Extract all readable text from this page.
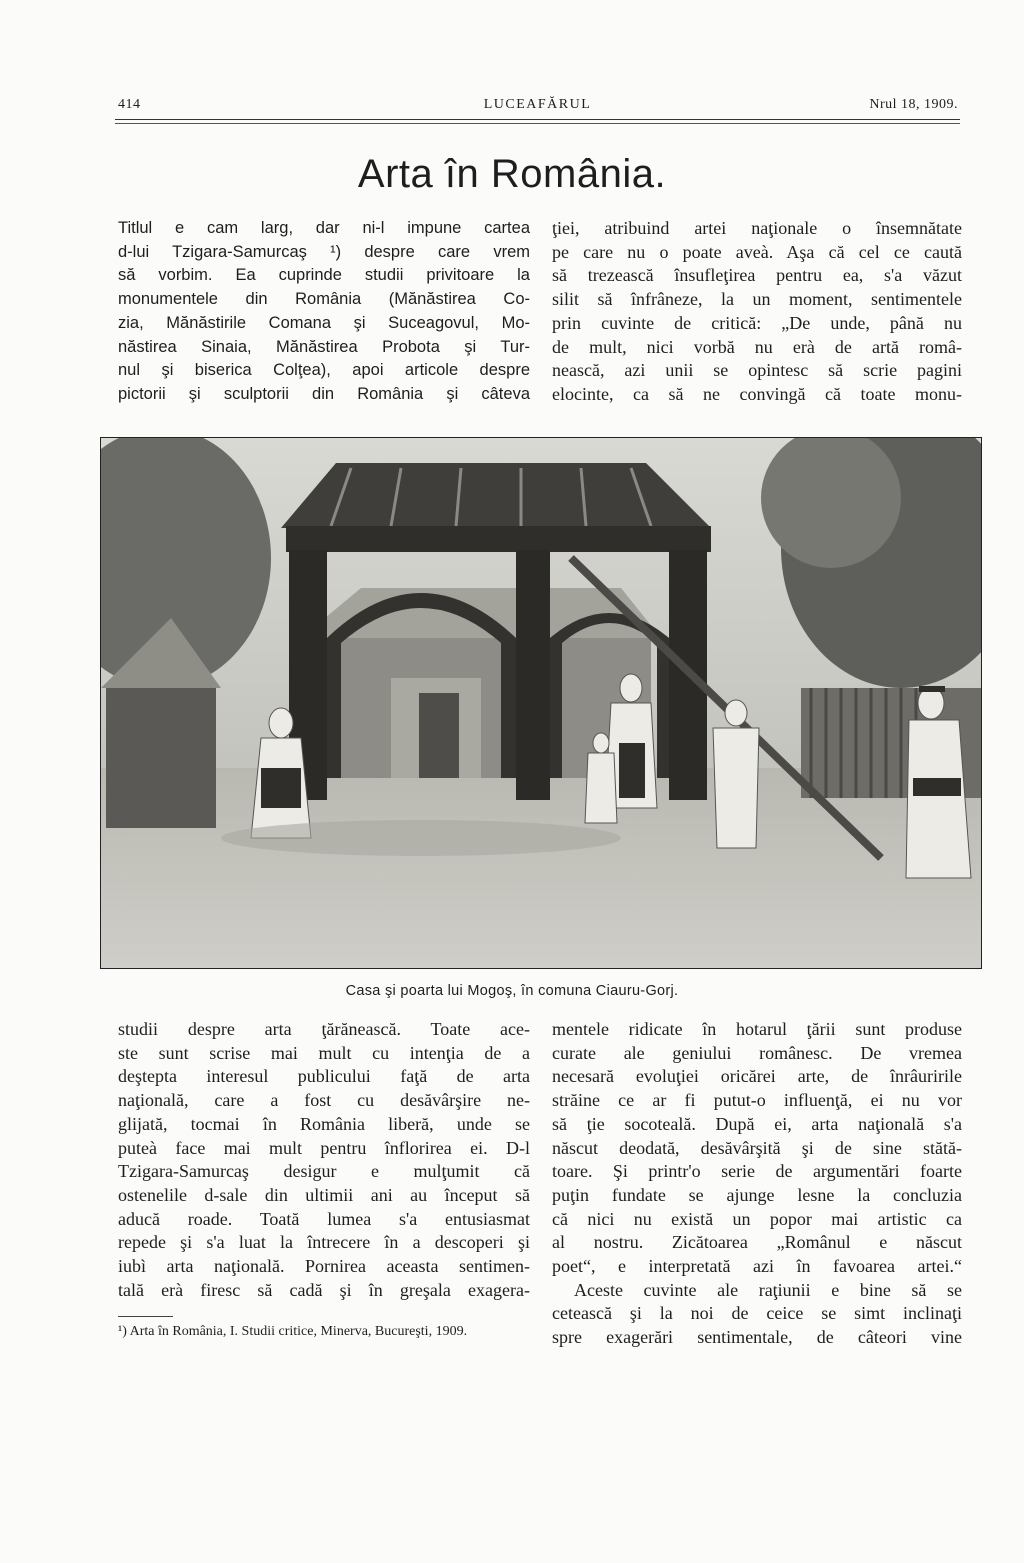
414	LUCEAFĂRUL	Nrul 18, 1909.
Arta în România.
Titlul e cam larg, dar ni-l impune cartea
d-lui Tzigara-Samurcaş ¹) despre care vrem
să vorbim. Ea cuprinde studii privitoare la
monumentele din România (Mănăstirea Co-
zia, Mănăstirile Comana şi Suceagovul, Mo-
năstirea Sinaia, Mănăstirea Probota şi Tur-
nul şi biserica Colţea), apoi articole despre
pictorii şi sculptorii din România şi câteva
ţiei, atribuind artei naţionale o însemnătate
pe care nu o poate aveà. Aşa că cel ce caută
să trezească însufleţirea pentru ea, s'a văzut
silit să înfrâneze, la un moment, sentimentele
prin cuvinte de critică: „De unde, până nu
de mult, nici vorbă nu erà de artă româ-
nească, azi unii se opintesc să scrie pagini
elocinte, ca să ne convingă că toate monu-
Casa şi poarta lui Mogoş, în comuna Ciauru-Gorj.
studii despre arta ţărănească. Toate ace-
ste sunt scrise mai mult cu intenţia de a
deştepta interesul publicului faţă de arta
naţională, care a fost cu desăvârşire ne-
glijată, tocmai în România liberă, unde se
puteà face mai mult pentru înflorirea ei. D-l
Tzigara-Samurcaş desigur e mulţumit că
ostenelile d-sale din ultimii ani au început să
aducă roade. Toată lumea s'a entusiasmat
repede şi s'a luat la întrecere în a descoperi şi
iubì arta naţională. Pornirea aceasta sentimen-
tală erà firesc să cadă şi în greşala exagera-
mentele ridicate în hotarul ţării sunt produse
curate ale geniului românesc. De vremea
necesară evoluţiei oricărei arte, de înrâuririle
străine ce ar fi putut-o influenţă, ei nu vor
să ţie socoteală. După ei, arta naţională s'a
născut deodată, desăvârşită şi de sine stătă-
toare. Şi printr'o serie de argumentări foarte
puţin fundate se ajunge lesne la concluzia
că nici nu există un popor mai artistic ca
al nostru. Zicătoarea „Românul e născut
poet“, e interpretată azi în favoarea artei.“
Aceste cuvinte ale raţiunii e bine să se
cetească şi la noi de ceice se simt inclinaţi
spre exagerări sentimentale, de câteori vine
¹) Arta în România, I. Studii critice, Minerva, Bucureşti, 1909.
